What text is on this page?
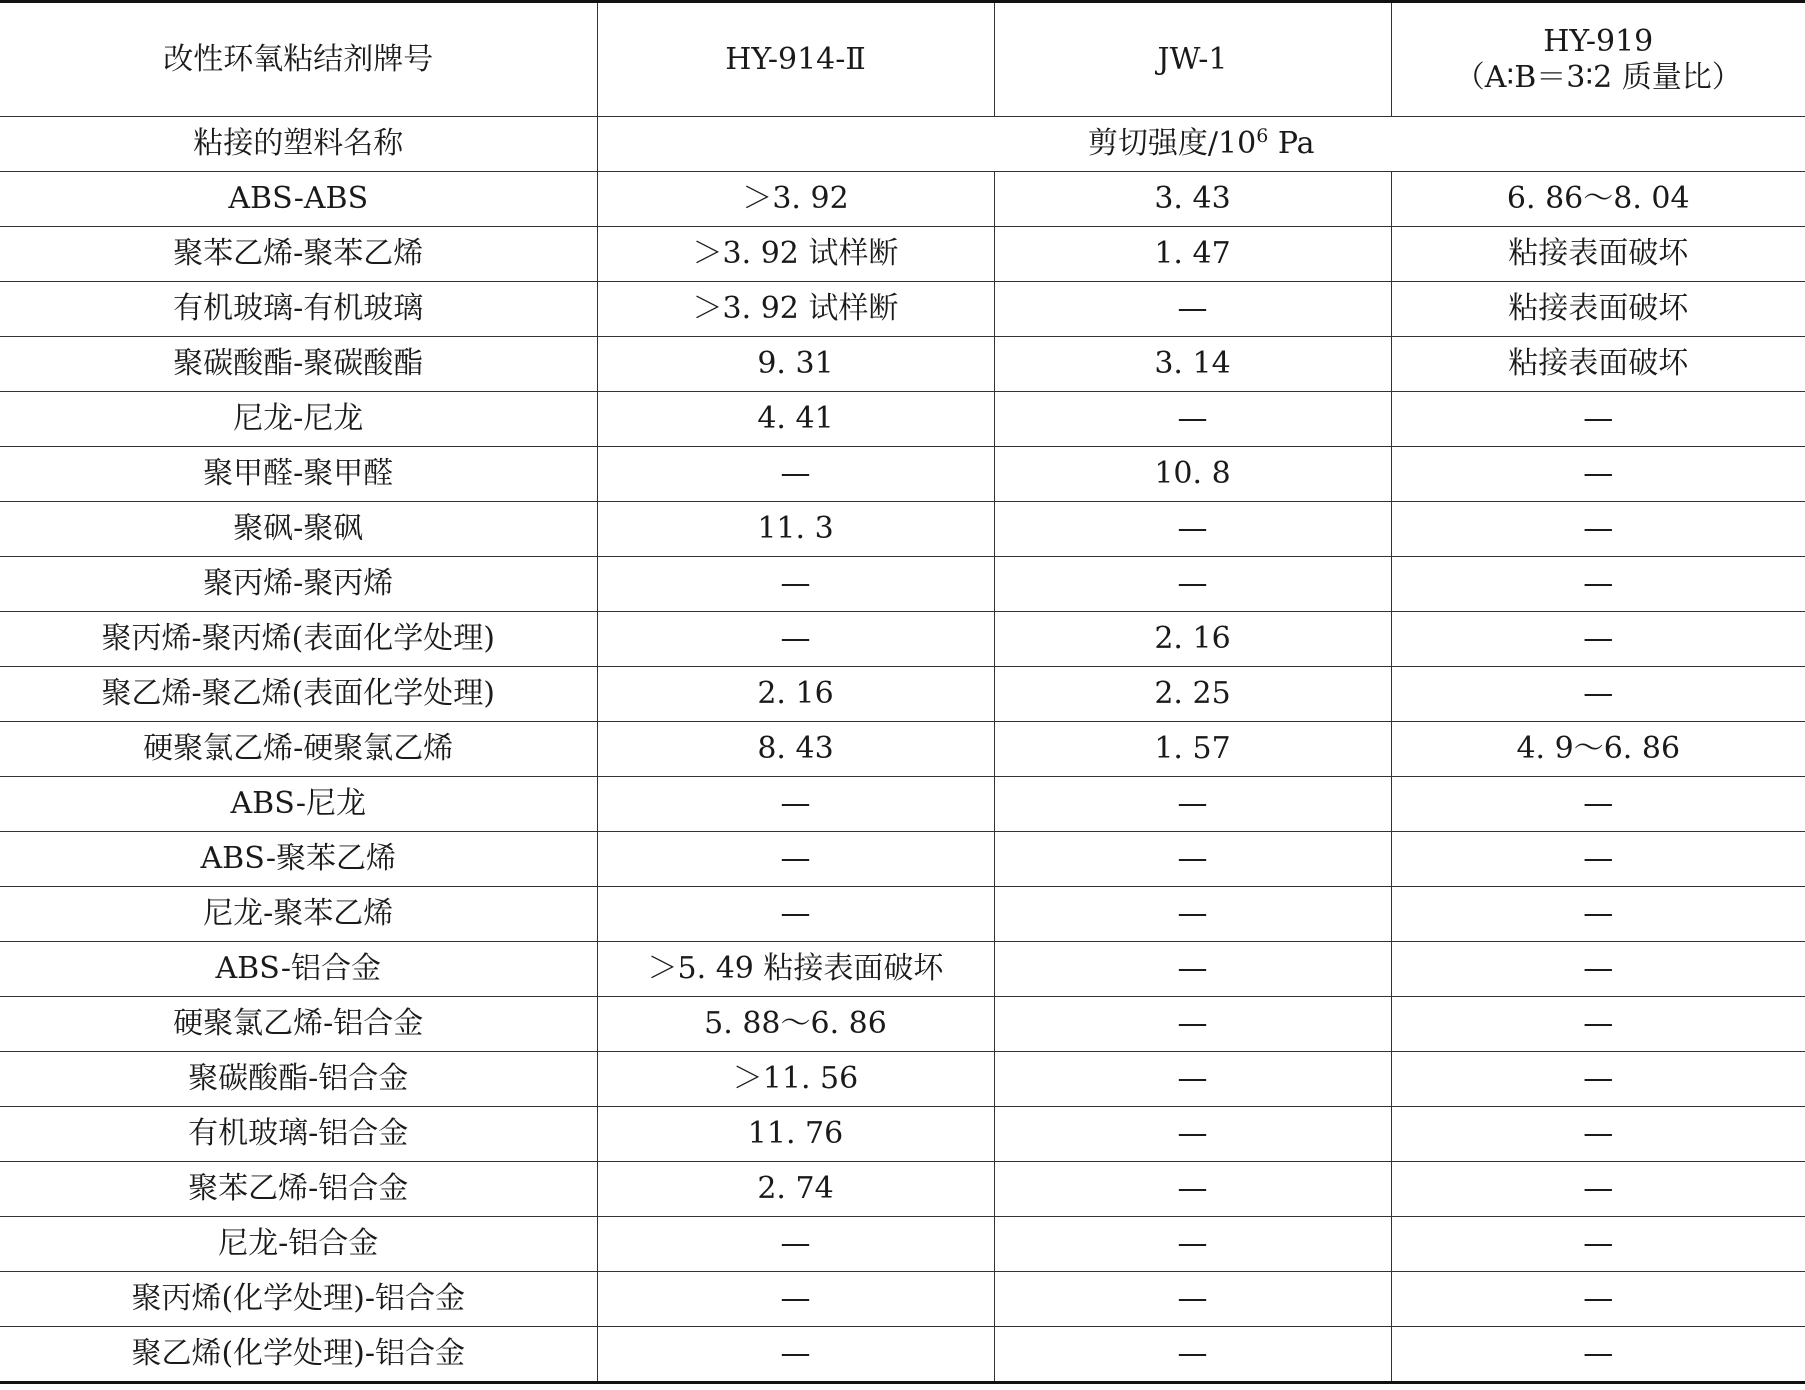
改性环氧粘结剂牌号	HY-914-Ⅱ	JW-1	HY-919
（A∶B＝3∶2 质量比）

粘接的塑料名称	剪切强度$/10^6$ Pa		
ABS-ABS	＞3. 92	3. 43	6. 86～8. 04
聚苯乙烯-聚苯乙烯	＞3. 92 试样断	1. 47	粘接表面破坏
有机玻璃-有机玻璃	＞3. 92 试样断	—	粘接表面破坏
聚碳酸酯-聚碳酸酯	9. 31	3. 14	粘接表面破坏
尼龙-尼龙	4. 41	—	—
聚甲醛-聚甲醛	—	10. 8	—
聚砜-聚砜	11. 3	—	—
聚丙烯-聚丙烯	—	—	—
聚丙烯-聚丙烯(表面化学处理)	—	2. 16	—
聚乙烯-聚乙烯(表面化学处理)	2. 16	2. 25	—
硬聚氯乙烯-硬聚氯乙烯	8. 43	1. 57	4. 9～6. 86
ABS-尼龙	—	—	—
ABS-聚苯乙烯	—	—	—
尼龙-聚苯乙烯	—	—	—
ABS-铝合金	＞5. 49 粘接表面破坏	—	—
硬聚氯乙烯-铝合金	5. 88～6. 86	—	—
聚碳酸酯-铝合金	＞11. 56	—	—
有机玻璃-铝合金	11. 76	—	—
聚苯乙烯-铝合金	2. 74	—	—
尼龙-铝合金	—	—	—
聚丙烯(化学处理)-铝合金	—	—	—
聚乙烯(化学处理)-铝合金	—	—	—
